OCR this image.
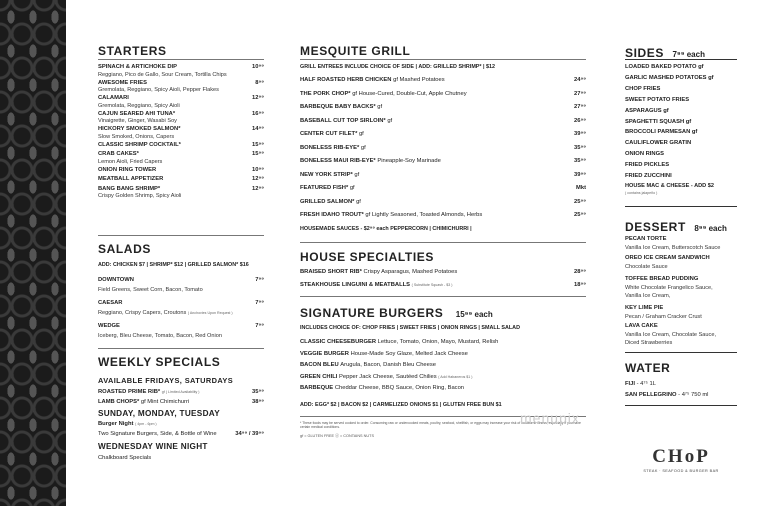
STARTERS
SPINACH & ARTICHOKE DIP	10⁹⁹
Reggiano, Pico de Gallo, Sour Cream, Tortilla Chips
AWESOME FRIES	8⁹⁹
Gremolata, Reggiano, Spicy Aioli, Pepper Flakes
CALAMARI	12⁹⁹
Gremolata, Reggiano, Spicy Aioli
CAJUN SEARED AHI TUNA*	16⁹⁹
Vinaigrette, Ginger, Wasabi Soy
HICKORY SMOKED SALMON*	14⁹⁹
Slow Smoked, Onions, Capers
CLASSIC SHRIMP COCKTAIL*	15⁹⁹
CRAB CAKES*	15⁹⁹
Lemon Aioli, Fried Capers
ONION RING TOWER	10⁹⁹
MEATBALL APPETIZER	12⁹⁹
BANG BANG SHRIMP*	12⁹⁹
Crispy Golden Shrimp, Spicy Aioli
SALADS
ADD: CHICKEN $7 | SHRIMP* $12 | GRILLED SALMON* $16
DOWNTOWN	7⁹⁹
Field Greens, Sweet Corn, Bacon, Tomato
CAESAR	7⁹⁹
Reggiano, Crispy Capers, Croutons ( Anchovies Upon Request )
WEDGE	7⁹⁹
Iceberg, Bleu Cheese, Tomato, Bacon, Red Onion
WEEKLY SPECIALS
AVAILABLE FRIDAYS, SATURDAYS
ROASTED PRIME RIB* gf ( Limited Availability )	35⁹⁹
LAMB CHOPS* gf Mint Chimichurri	38⁹⁹
SUNDAY, MONDAY, TUESDAY
Burger Night ( 4pm - 6pm )
Two Signature Burgers, Side, & Bottle of Wine	34⁹⁹ / 39⁹⁹
WEDNESDAY WINE NIGHT
Chalkboard Specials
MESQUITE GRILL
GRILL ENTREES INCLUDE CHOICE OF SIDE | ADD: GRILLED SHRIMP* | $12
HALF ROASTED HERB CHICKEN gf Mashed Potatoes	24⁹⁹
THE PORK CHOP* gf House-Cured, Double-Cut, Apple Chutney	27⁹⁹
BARBEQUE BABY BACKS* gf	27⁹⁹
BASEBALL CUT TOP SIRLOIN* gf	26⁹⁹
CENTER CUT FILET* gf	39⁹⁹
BONELESS RIB-EYE* gf	35⁹⁹
BONELESS MAUI RIB-EYE* Pineapple-Soy Marinade	35⁹⁹
NEW YORK STRIP* gf	39⁹⁹
FEATURED FISH* gf	Mkt
GRILLED SALMON* gf	25⁹⁹
FRESH IDAHO TROUT* gf Lightly Seasoned, Toasted Almonds, Herbs	25⁹⁹
HOUSEMADE SAUCES - $2⁹⁹ each PEPPERCORN | CHIMICHURRI |
HOUSE SPECIALTIES
BRAISED SHORT RIB* Crispy Asparagus, Mashed Potatoes	28⁹⁹
STEAKHOUSE LINGUINI & MEATBALLS ( Substitute Squash - $3 )	18⁹⁹
SIGNATURE BURGERS 15⁹⁹ each
INCLUDES CHOICE OF: CHOP FRIES | SWEET FRIES | ONION RINGS | SMALL SALAD
CLASSIC CHEESEBURGER
Lettuce, Tomato, Onion, Mayo, Mustard, Relish
VEGGIE BURGER
House-Made Soy Glaze, Melted Jack Cheese
BACON BLEU
Arugula, Bacon, Danish Bleu Cheese
GREEN CHILI
Pepper Jack Cheese, Sautéed Chilies
( Add Habaneros $1 )
BARBEQUE
Cheddar Cheese, BBQ Sauce, Onion Ring, Bacon
ADD: EGG* $2 | BACON $2 | CARMELIZED ONIONS $1 | GLUTEN FREE BUN $1
* These foods may be served cooked to order. Consuming raw or undercooked meats, poultry, seafood, shellfish, or eggs may increase your risk of foodborne illness, especially if you have certain medical conditions.
gf = GLUTEN FREE ⓝ = CONTAINS NUTS
SIDES 7⁹⁹ each
LOADED BAKED POTATO gf
GARLIC MASHED POTATOES gf
CHOP FRIES
SWEET POTATO FRIES
ASPARAGUS gf
SPAGHETTI SQUASH gf
BROCCOLI PARMESAN gf
CAULIFLOWER GRATIN
ONION RINGS
FRIED PICKLES
FRIED ZUCCHINI
HOUSE MAC & CHEESE - ADD $2
( contains jalapeño )
DESSERT 8⁹⁹ each
PECAN TORTE
Vanilla Ice Cream, Butterscotch Sauce
OREO ICE CREAM SANDWICH
Chocolate Sauce
TOFFEE BREAD PUDDING
White Chocolate Frangelico Sauce,
Vanilla Ice Cream,
KEY LIME PIE
Pecan / Graham Cracker Crust
LAVA CAKE
Vanilla Ice Cream, Chocolate Sauce,
Diced Strawberries
WATER
FIJI
- 4⁷⁵ 1L
SAN PELLEGRINO
- 4⁷⁵ 750 ml
menupix
CHoP
STEAK · SEAFOOD & BURGER BAR
